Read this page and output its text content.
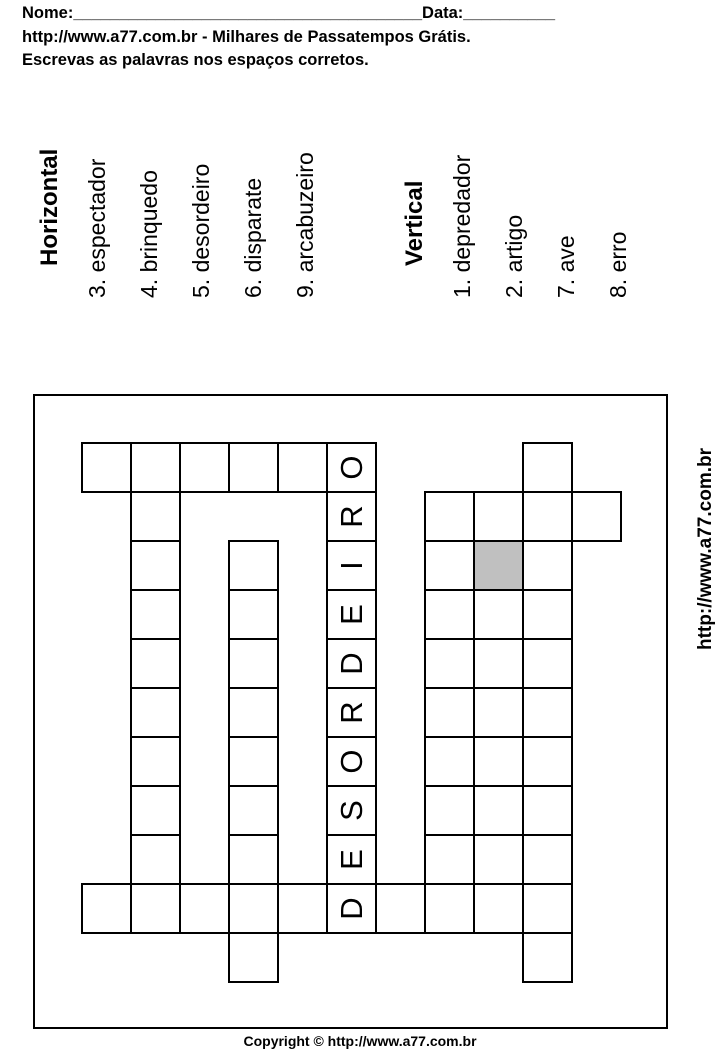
Nome:______________________________________Data:__________
http://www.a77.com.br - Milhares de Passatempos Grátis.
Escrevas as palavras nos espaços corretos.
Horizontal 3. espectador 4. brinquedo 5. desordeiro 6. disparate 9. arcabuzeiro	Vertical 1. depredador 2. artigo 7. ave 8. erro
http://www.a77.com.br
D
E
S
O
R
D
E
I
R
O
Copyright © http://www.a77.com.br
